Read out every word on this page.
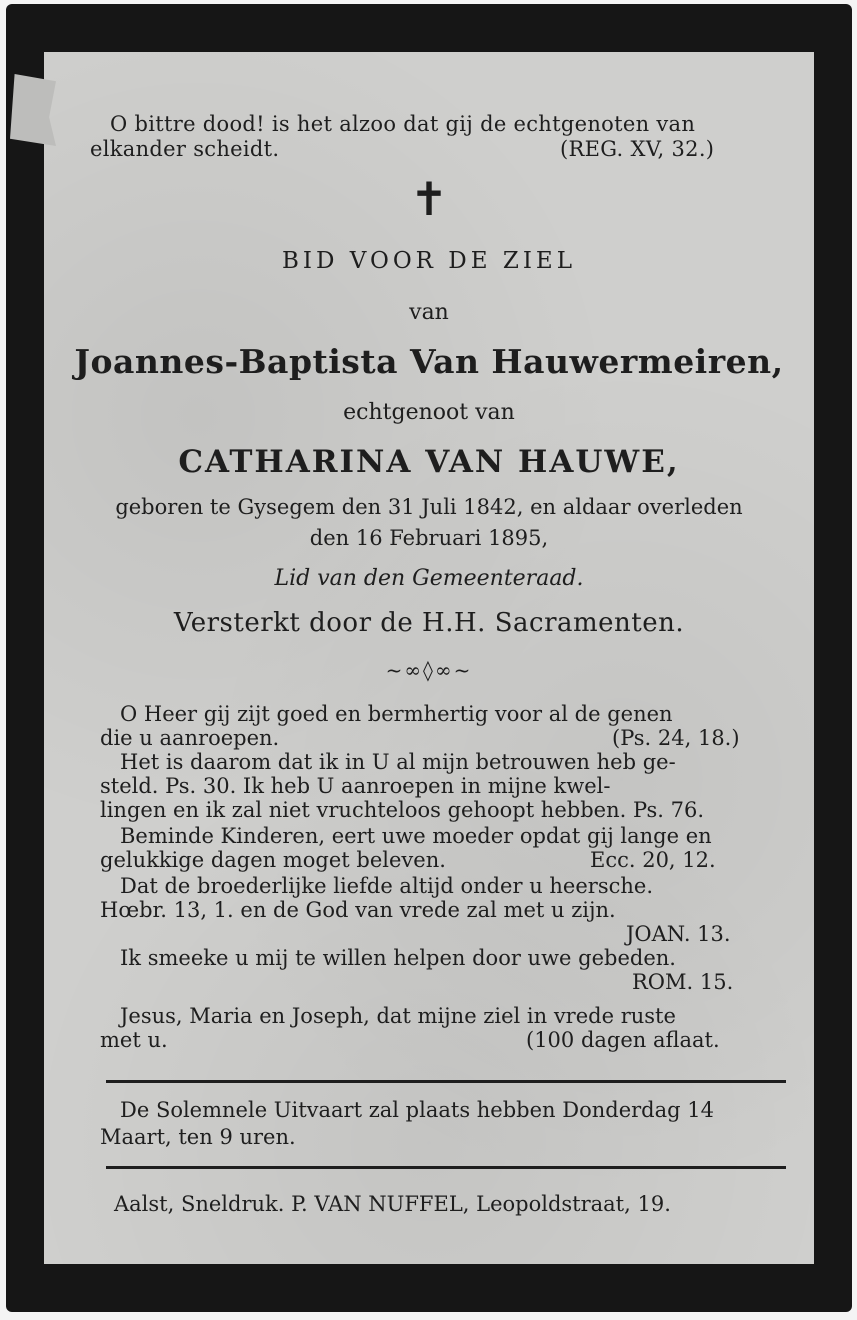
O bittre dood! is het alzoo dat gij de echtgenoten van
elkander scheidt.	(REG. XV, 32.)
✝
BID VOOR DE ZIEL
van
Joannes-Baptista Van Hauwermeiren,
echtgenoot van
CATHARINA VAN HAUWE,
geboren te Gysegem den 31 Juli 1842, en aldaar overleden
den 16 Februari 1895,
Lid van den Gemeenteraad.
Versterkt door de H.H. Sacramenten.
~∞◊∞~
O Heer gij zijt goed en bermhertig voor al de genen
die u aanroepen.	(Ps. 24, 18.)
Het is daarom dat ik in U al mijn betrouwen heb ge-
steld. Ps. 30. Ik heb U aanroepen in mijne kwel-
lingen en ik zal niet vruchteloos gehoopt hebben. Ps. 76.
Beminde Kinderen, eert uwe moeder opdat gij lange en
gelukkige dagen moget beleven.	Ecc. 20, 12.
Dat de broederlijke liefde altijd onder u heersche.
Hœbr. 13, 1. en de God van vrede zal met u zijn.
JOAN. 13.
Ik smeeke u mij te willen helpen door uwe gebeden.
ROM. 15.
Jesus, Maria en Joseph, dat mijne ziel in vrede ruste
met u.	(100 dagen aflaat.
De Solemnele Uitvaart zal plaats hebben Donderdag 14
Maart, ten 9 uren.
Aalst, Sneldruk. P. VAN NUFFEL, Leopoldstraat, 19.
